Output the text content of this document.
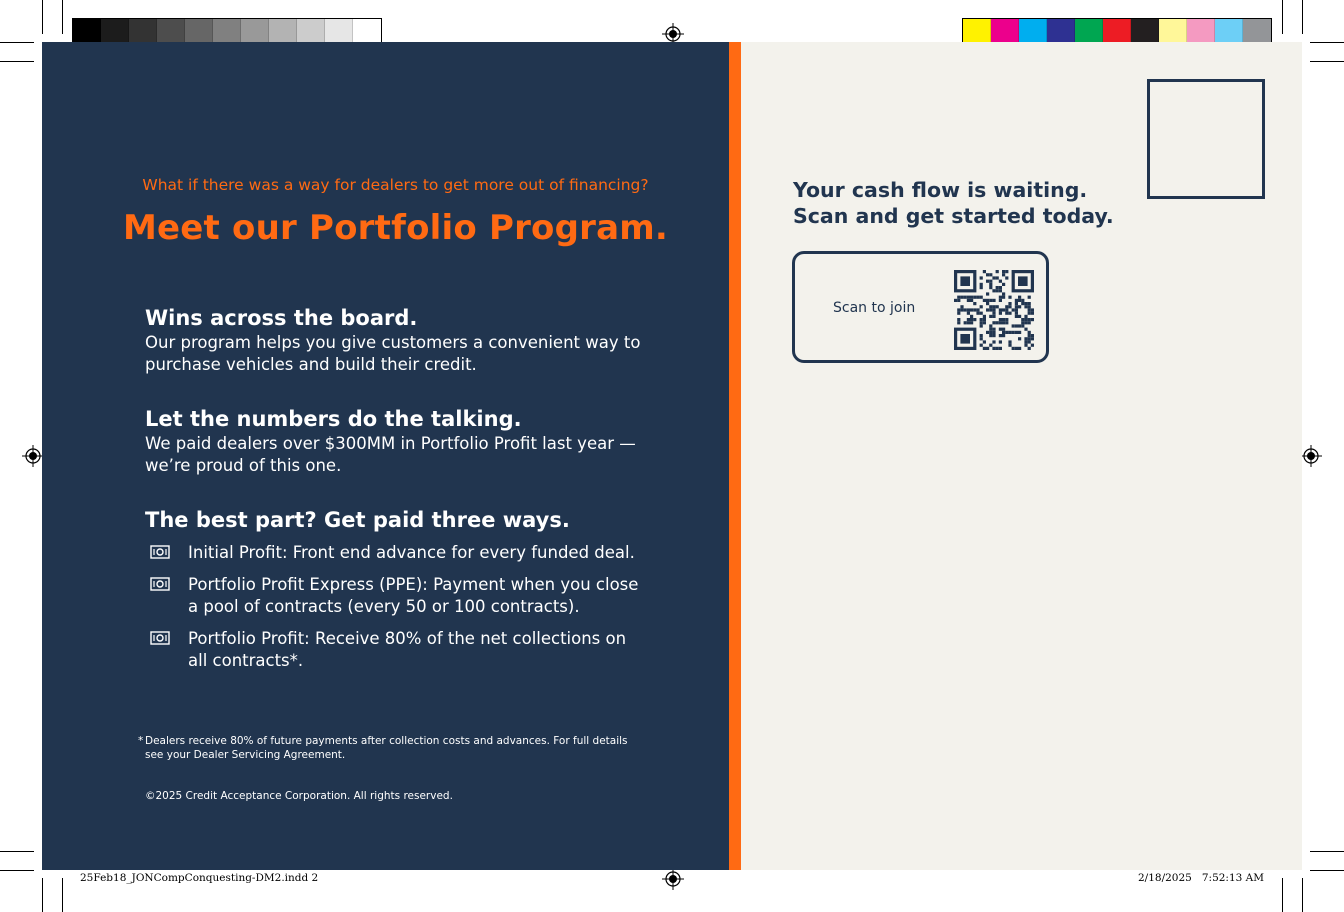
What if there was a way for dealers to get more out of financing?
Meet our Portfolio Program.
Wins across the board.

Our program helps you give customers a convenient way to purchase vehicles and build their credit.

Let the numbers do the talking.

We paid dealers over $300MM in Portfolio Profit last year — we’re proud of this one.

The best part? Get paid three ways.
Initial Profit: Front end advance for every funded deal.
Portfolio Profit Express (PPE): Payment when you close a pool of contracts (every 50 or 100 contracts).
Portfolio Profit: Receive 80% of the net collections on all contracts*.
* Dealers receive 80% of future payments after collection costs and advances. For full details see your Dealer Servicing Agreement.
©2025 Credit Acceptance Corporation. All rights reserved.
Your cash flow is waiting.
Scan and get started today.
Scan to join
25Feb18_JONCompConquesting-DM2.indd 2	2/18/2025   7:52:13 AM
